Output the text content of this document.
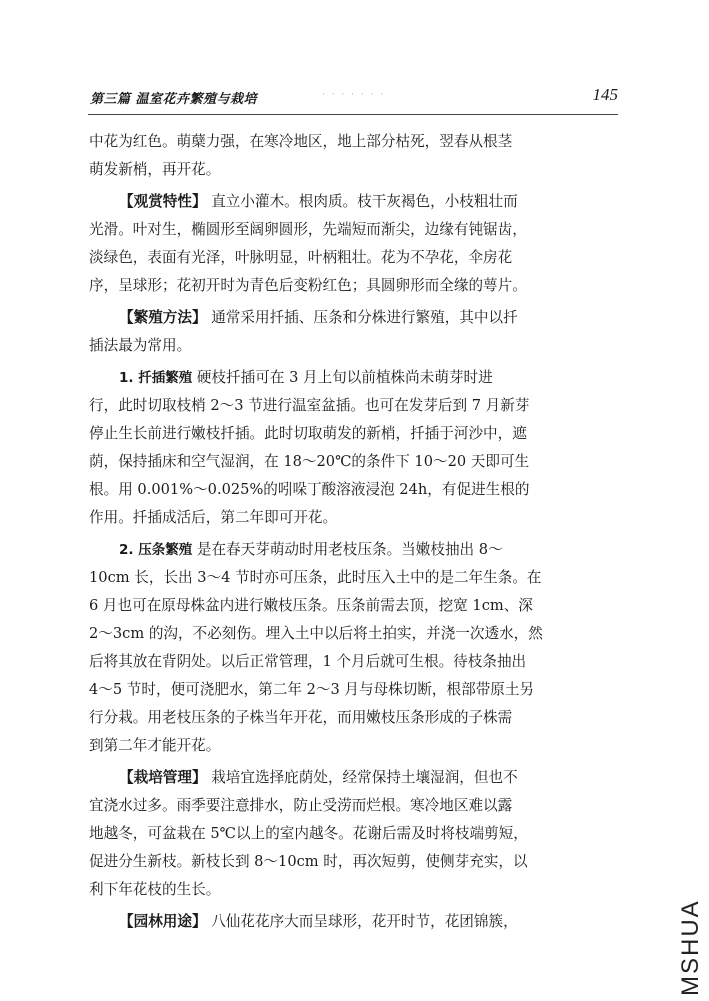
第三篇 温室花卉繁殖与栽培	· · · · · · ·	145

中花为红色。萌蘖力强，在寒冷地区，地上部分枯死，翌春从根茎
萌发新梢，再开花。

【观赏特性】 直立小灌木。根肉质。枝干灰褐色，小枝粗壮而
光滑。叶对生，椭圆形至阔卵圆形，先端短而渐尖，边缘有钝锯齿，
淡绿色，表面有光泽，叶脉明显，叶柄粗壮。花为不孕花，伞房花
序，呈球形；花初开时为青色后变粉红色；具圆卵形而全缘的萼片。

【繁殖方法】 通常采用扦插、压条和分株进行繁殖，其中以扦
插法最为常用。

1. 扦插繁殖 硬枝扦插可在 3 月上旬以前植株尚未萌芽时进
行，此时切取枝梢 2～3 节进行温室盆插。也可在发芽后到 7 月新芽
停止生长前进行嫩枝扦插。此时切取萌发的新梢，扦插于河沙中，遮
荫，保持插床和空气湿润，在 18～20℃的条件下 10～20 天即可生
根。用 0.001%～0.025%的吲哚丁酸溶液浸泡 24h，有促进生根的
作用。扦插成活后，第二年即可开花。

2. 压条繁殖 是在春天芽萌动时用老枝压条。当嫩枝抽出 8～
10cm 长，长出 3～4 节时亦可压条，此时压入土中的是二年生条。在
6 月也可在原母株盆内进行嫩枝压条。压条前需去顶，挖宽 1cm、深
2～3cm 的沟，不必刻伤。埋入土中以后将土拍实，并浇一次透水，然
后将其放在背阴处。以后正常管理，1 个月后就可生根。待枝条抽出
4～5 节时，便可浇肥水，第二年 2～3 月与母株切断，根部带原土另
行分栽。用老枝压条的子株当年开花，而用嫩枝压条形成的子株需
到第二年才能开花。

【栽培管理】 栽培宜选择庇荫处，经常保持土壤湿润，但也不
宜浇水过多。雨季要注意排水，防止受涝而烂根。寒冷地区难以露
地越冬，可盆栽在 5℃以上的室内越冬。花谢后需及时将枝端剪短，
促进分生新枝。新枝长到 8～10cm 时，再次短剪，使侧芽充实，以
利下年花枝的生长。

【园林用途】 八仙花花序大而呈球形，花开时节，花团锦簇，	MSHUA
